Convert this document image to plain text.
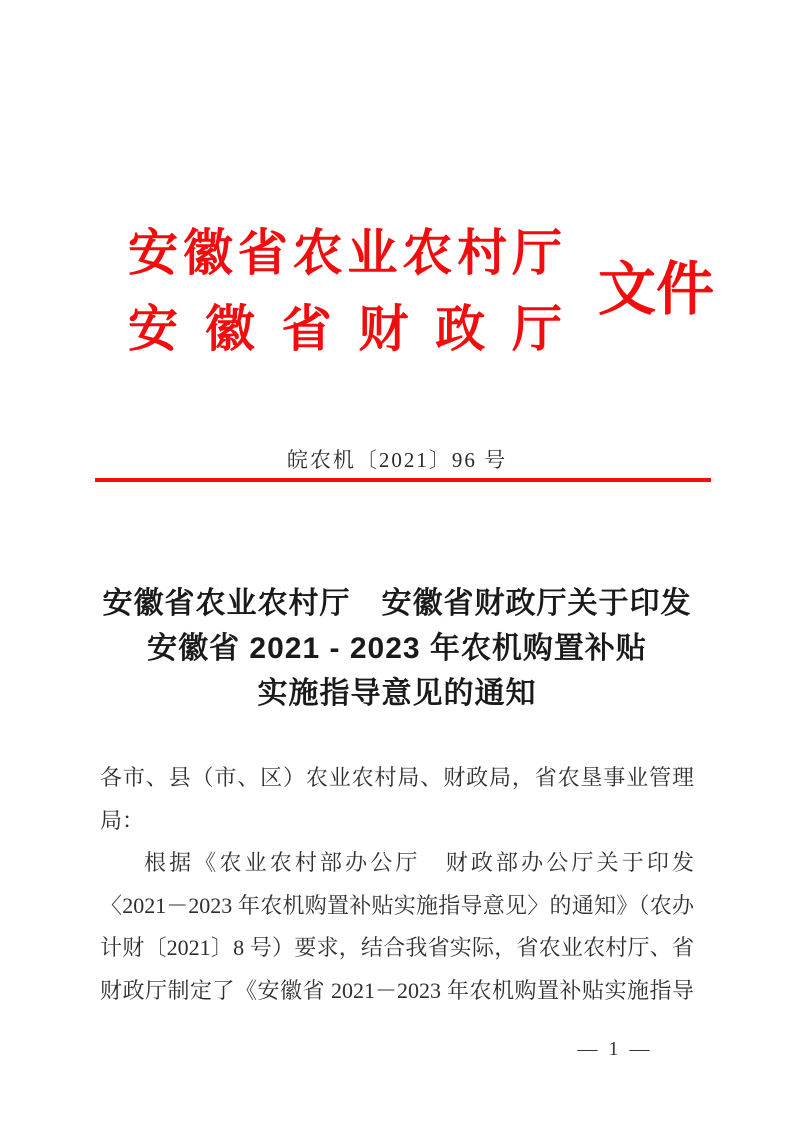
安徽省农业农村厅
安徽省财政厅
文件
皖农机〔2021〕96 号
安徽省农业农村厅　安徽省财政厅关于印发
安徽省 2021 - 2023 年农机购置补贴
实施指导意见的通知
各市、县（市、区）农业农村局、财政局，省农垦事业管理
局：
根据《农业农村部办公厅　财政部办公厅关于印发
〈2021－2023 年农机购置补贴实施指导意见〉的通知》（农办
计财〔2021〕8 号）要求，结合我省实际，省农业农村厅、省
财政厅制定了《安徽省 2021－2023 年农机购置补贴实施指导
— 1 —
